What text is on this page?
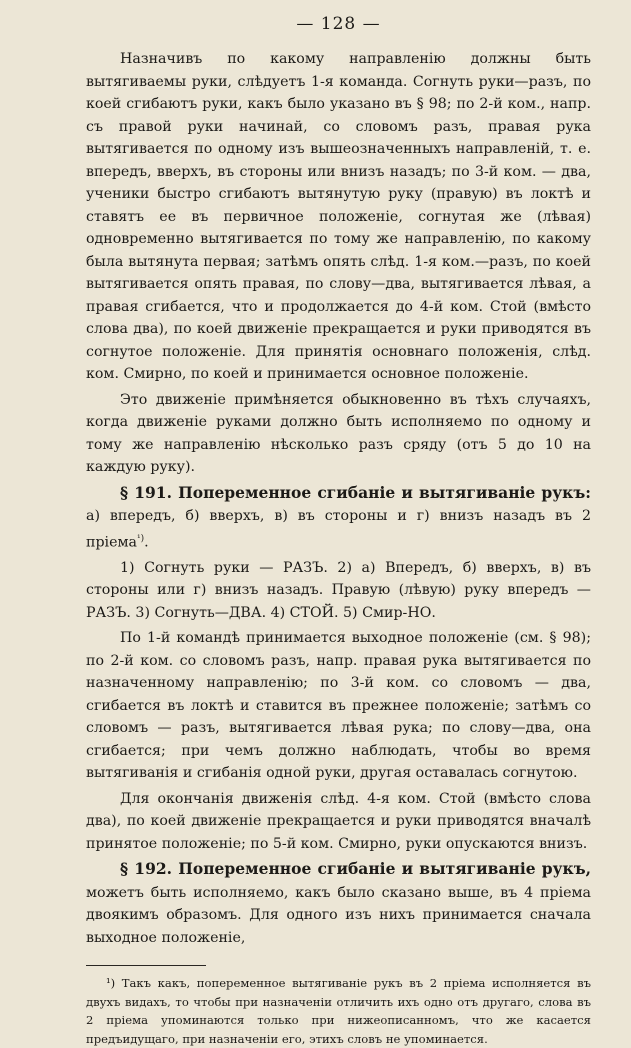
— 128 —

Назначивъ по какому направленію должны быть вытягиваемы руки, слѣдуетъ 1-я команда. Согнуть руки—разъ, по коей сгибаютъ руки, какъ было указано въ § 98; по 2-й ком., напр. съ правой руки начинай, со словомъ разъ, правая рука вытягивается по одному изъ вышеозначенныхъ направленій, т. е. впередъ, вверхъ, въ стороны или внизъ назадъ; по 3-й ком. — два, ученики быстро сгибаютъ вытянутую руку (правую) въ локтѣ и ставятъ ее въ первичное положеніе, согнутая же (лѣвая) одновременно вытягивается по тому же направленію, по какому была вытянута первая; затѣмъ опять слѣд. 1-я ком.—разъ, по коей вытягивается опять правая, по слову—два, вытягивается лѣвая, а правая сгибается, что и продолжается до 4-й ком. Стой (вмѣсто слова два), по коей движеніе прекращается и руки приводятся въ согнутое положеніе. Для принятія основнаго положенія, слѣд. ком. Смирно, по коей и принимается основное положеніе.

Это движеніе примѣняется обыкновенно въ тѣхъ случаяхъ, когда движеніе руками должно быть исполняемо по одному и тому же направленію нѣсколько разъ сряду (отъ 5 до 10 на каждую руку).

§ 191. Попеременное сгибаніе и вытягиваніе рукъ: а) впередъ, б) вверхъ, в) въ стороны и г) внизъ назадъ въ 2 пріема$^{^1)}$.

1) Согнуть руки — РАЗЪ. 2) а) Впередъ, б) вверхъ, в) въ стороны или г) внизъ назадъ. Правую (лѣвую) руку впередъ — РАЗЪ. 3) Согнуть—ДВА. 4) СТОЙ. 5) Смир-НО.

По 1-й командѣ принимается выходное положеніе (см. § 98); по 2-й ком. со словомъ разъ, напр. правая рука вытягивается по назначенному направленію; по 3-й ком. со словомъ — два, сгибается въ локтѣ и ставится въ прежнее положеніе; затѣмъ со словомъ — разъ, вытягивается лѣвая рука; по слову—два, она сгибается; при чемъ должно наблюдать, чтобы во время вытягиванія и сгибанія одной руки, другая оставалась согнутою.

Для окончанія движенія слѣд. 4-я ком. Стой (вмѣсто слова два), по коей движеніе прекращается и руки приводятся вначалѣ принятое положеніе; по 5-й ком. Смирно, руки опускаются внизъ.

§ 192. Попеременное сгибаніе и вытягиваніе рукъ, можетъ быть исполняемо, какъ было сказано выше, въ 4 пріема двоякимъ образомъ. Для одного изъ нихъ принимается сначала выходное положеніе,

¹) Такъ какъ, попеременное вытягиваніе рукъ въ 2 пріема исполняется въ двухъ видахъ, то чтобы при назначеніи отличить ихъ одно отъ другаго, слова въ 2 пріема упоминаются только при нижеописанномъ, что же касается предъидущаго, при назначеніи его, этихъ словъ не упоминается.
